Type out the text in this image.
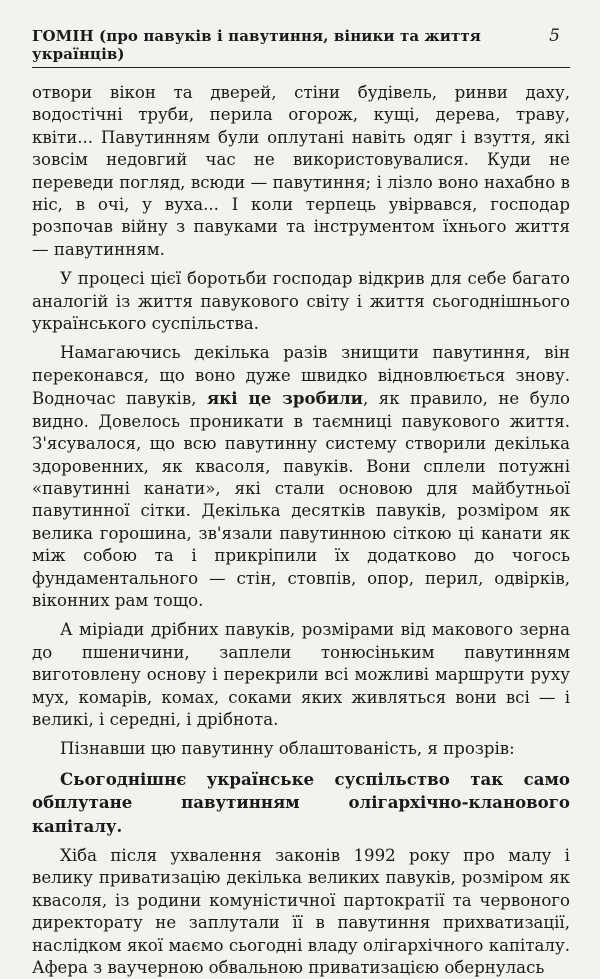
ГОМІН (про павуків і павутиння, віники та життя українців)
5

отвори вікон та дверей, стіни будівель, ринви даху, водостічні труби, перила огорож, кущі, дерева, траву, квіти... Павутинням були оплутані навіть одяг і взуття, які зовсім недовгий час не використовувалися. Куди не переведи погляд, всюди — павутиння; і лізло воно нахабно в ніс, в очі, у вуха... І коли терпець увірвався, господар розпочав війну з павуками та інструментом їхнього життя — павутинням.

У процесі цієї боротьби господар відкрив для себе багато аналогій із життя павукового світу і життя сьогоднішнього українського суспільства.

Намагаючись декілька разів знищити павутиння, він переконався, що воно дуже швидко відновлюється знову. Водночас павуків, які це зробили, як правило, не було видно. Довелось проникати в таємниці павукового життя. З'ясувалося, що всю павутинну систему створили декілька здоровенних, як квасоля, павуків. Вони сплели потужні «павутинні канати», які стали основою для майбутньої павутинної сітки. Декілька десятків павуків, розміром як велика горошина, зв'язали павутинною сіткою ці канати як між собою та і прикріпили їх додатково до чогось фундаментального — стін, стовпів, опор, перил, одвірків, віконних рам тощо.

А міріади дрібних павуків, розмірами від макового зерна до пшеничини, заплели тонюсіньким павутинням виготовлену основу і перекрили всі можливі маршрути руху мух, комарів, комах, соками яких живляться вони всі — і великі, і середні, і дрібнота.

Пізнавши цю павутинну облаштованість, я прозрів:

Сьогоднішнє українське суспільство так само обплутане павутинням олігархічно-кланового капіталу.

Хіба після ухвалення законів 1992 року про малу і велику приватизацію декількa великих павуків, розміром як квасоля, із родини комуністичної партократії та червоного директорату не заплутали її в павутиння прихватизації, наслідком якої маємо сьогодні владу олігархічного капіталу. Афера з ваучерною обвальною приватизацією обернулась
